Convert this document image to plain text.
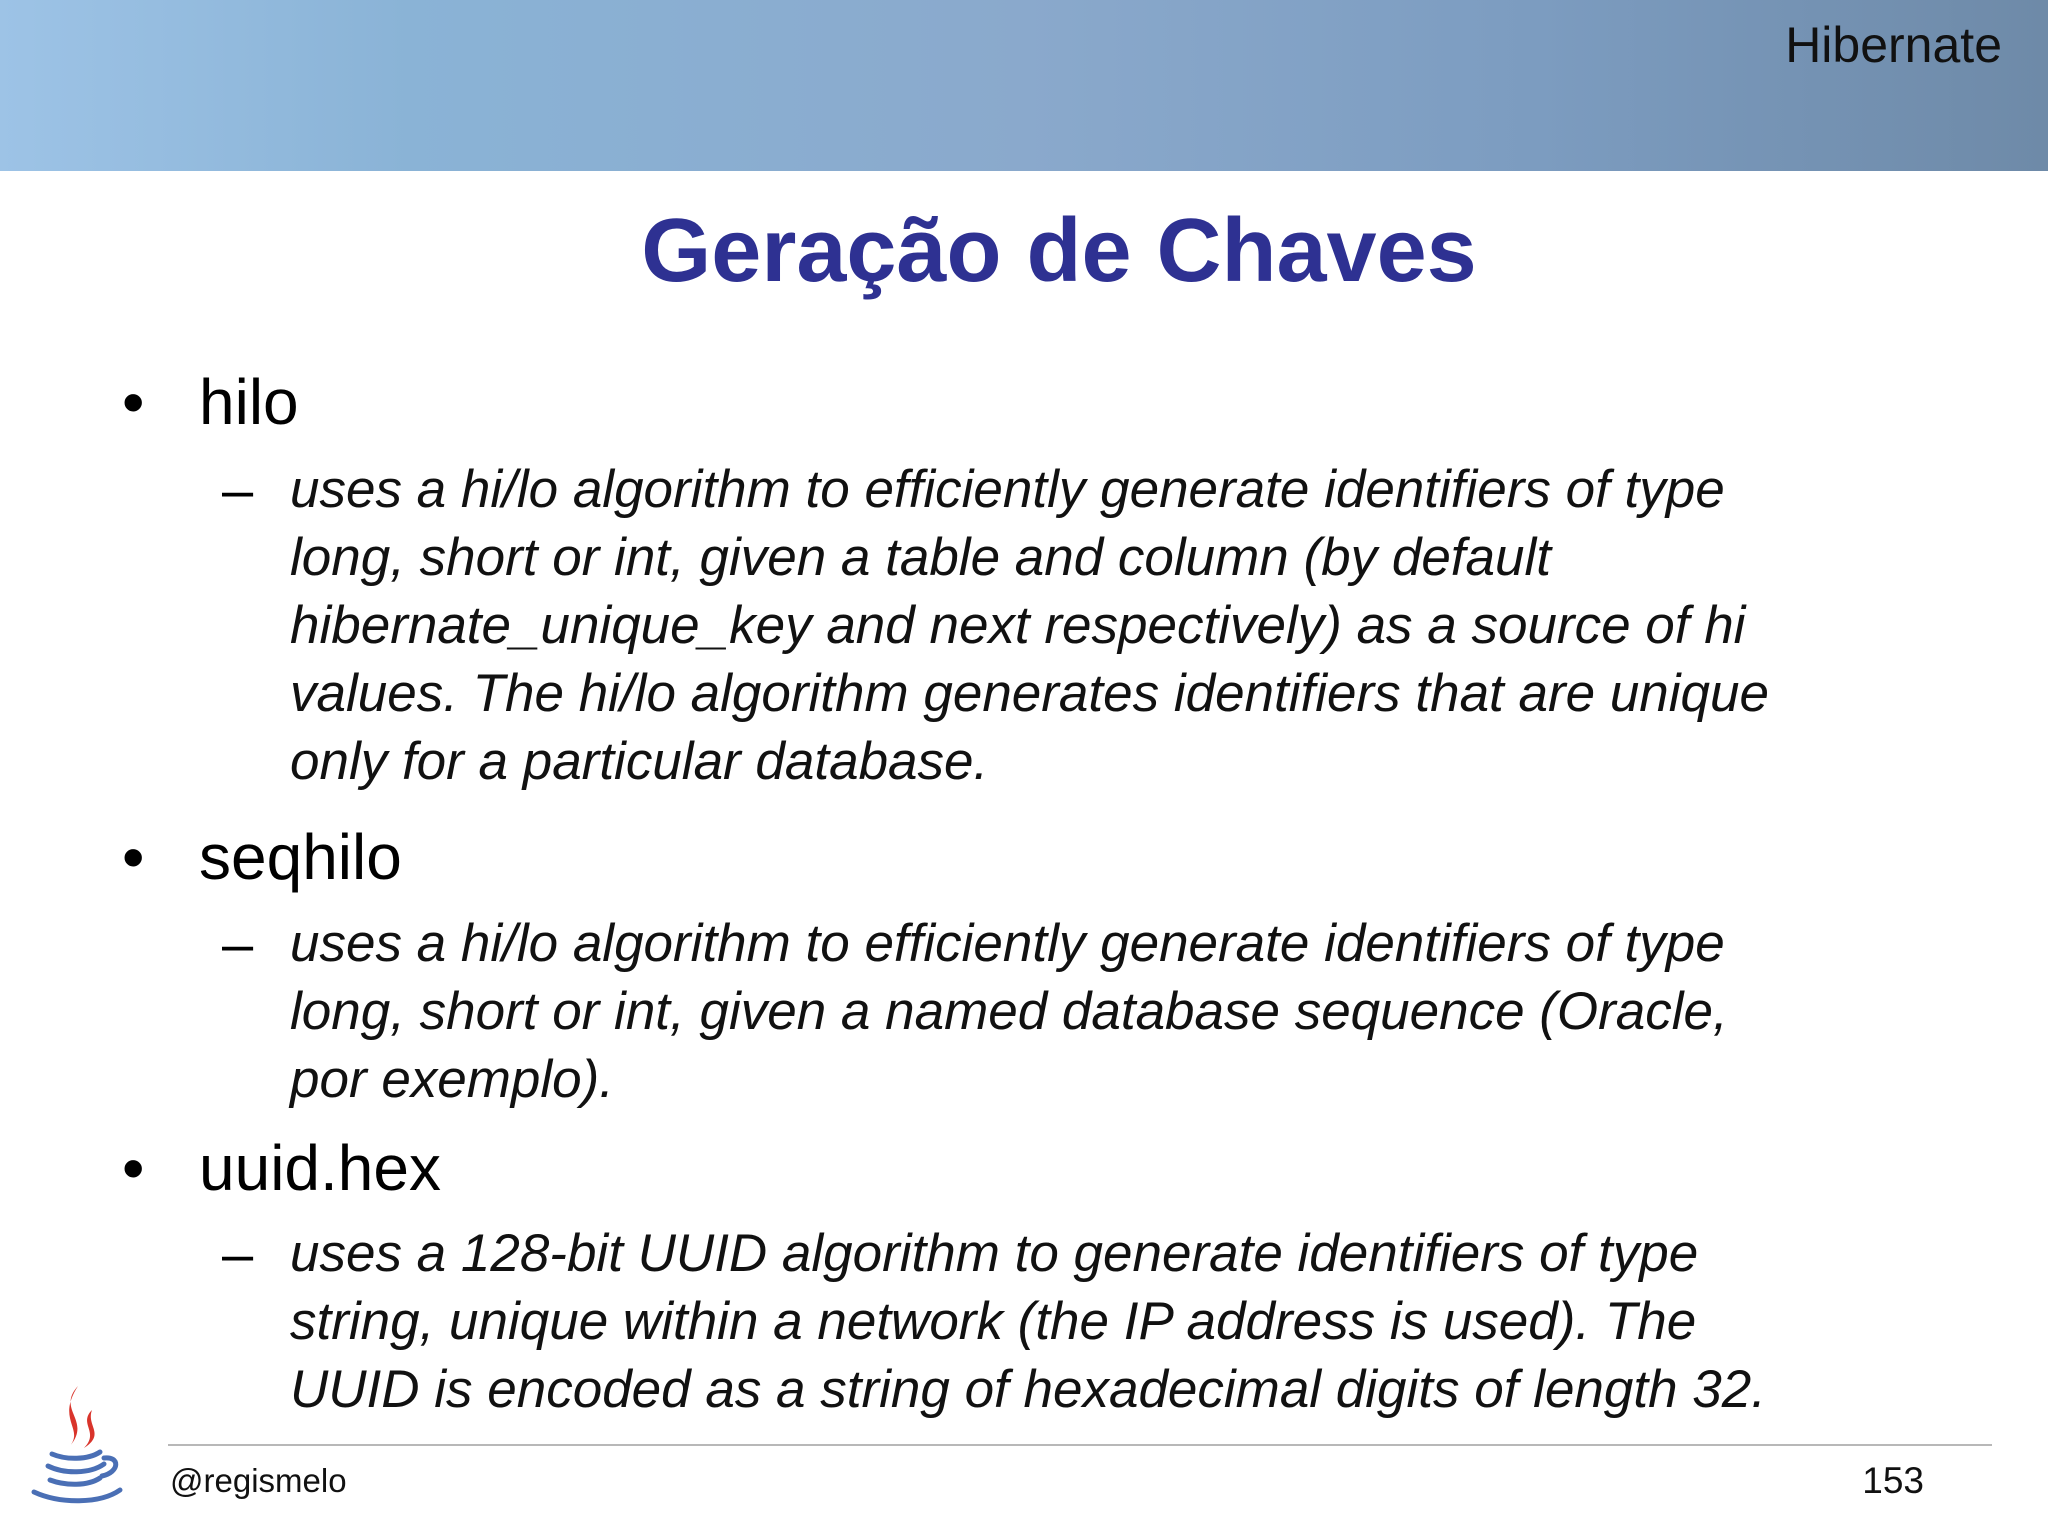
Hibernate
Geração de Chaves
• hilo
– uses a hi/lo algorithm to efficiently generate identifiers of type
long, short or int, given a table and column (by default
hibernate_unique_key and next respectively) as a source of hi
values. The hi/lo algorithm generates identifiers that are unique
only for a particular database.
• seqhilo
– uses a hi/lo algorithm to efficiently generate identifiers of type
long, short or int, given a named database sequence (Oracle,
por exemplo).
• uuid.hex
– uses a 128-bit UUID algorithm to generate identifiers of type
string, unique within a network (the IP address is used). The
UUID is encoded as a string of hexadecimal digits of length 32.
@regismelo	153
